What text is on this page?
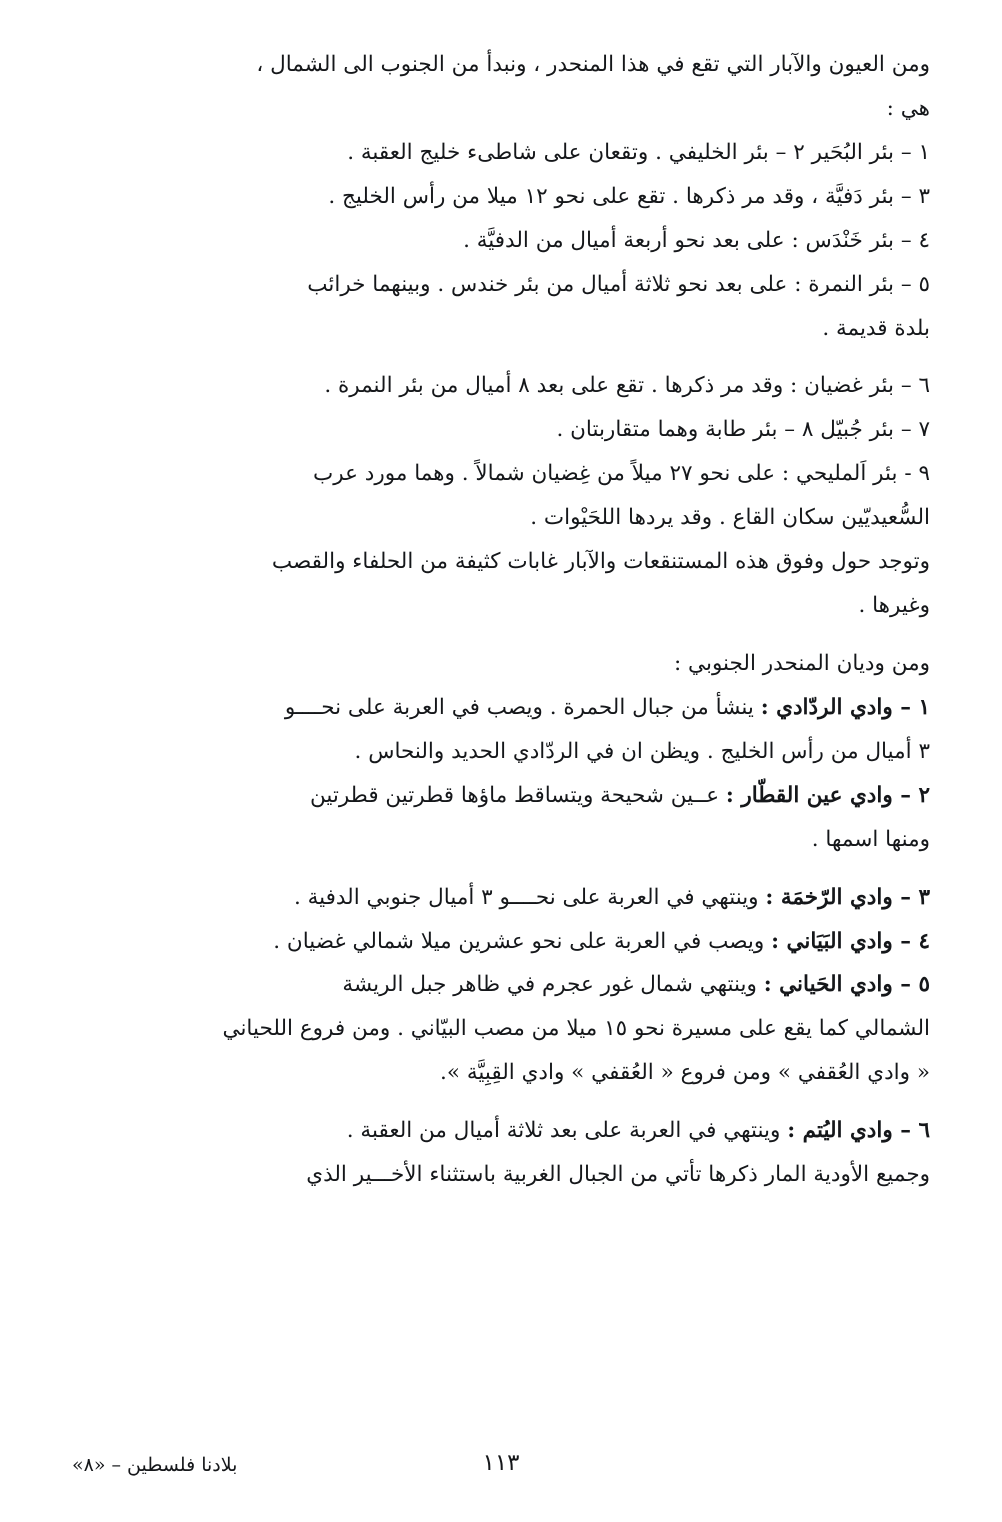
ومن العيون والآبار التي تقع في هذا المنحدر ، ونبدأ من الجنوب الى الشمال ،

هي :

١ – بئر البُحَير ٢ – بئر الخليفي . وتقعان على شاطىء خليج العقبة .

٣ – بئر دَفيَّة ، وقد مر ذكرها . تقع على نحو ١٢ ميلا من رأس الخليج .

٤ – بئر خَنْدَس : على بعد نحو أربعة أميال من الدفيَّة .

٥ – بئر النمرة : على بعد نحو ثلاثة أميال من بئر خندس . وبينهما خرائب

بلدة قديمة .

٦ – بئر غضيان : وقد مر ذكرها . تقع على بعد ٨ أميال من بئر النمرة .

٧ – بئر جُبيّل ٨ – بئر طابة وهما متقاربتان .

٩ - بئر اَلمليحي : على نحو ٢٧ ميلاً من غِضيان شمالاً . وهما مورد عرب

السُّعيديّين سكان القاع . وقد يردها اللحَيْوات .

وتوجد حول وفوق هذه المستنقعات والآبار غابات كثيفة من الحلفاء والقصب

وغيرها .

ومن وديان المنحدر الجنوبي :

١ – وادي الردّادي : ينشأ من جبال الحمرة . ويصب في العربة على نحــــو

٣ أميال من رأس الخليج . ويظن ان في الردّادي الحديد والنحاس .

٢ – وادي عين القطّار : عــين شحيحة ويتساقط ماؤها قطرتين قطرتين

ومنها اسمها .

٣ – وادي الرّخمَة : وينتهي في العربة على نحــــو ٣ أميال جنوبي الدفية .

٤ – وادي البَيَاني : ويصب في العربة على نحو عشرين ميلا شمالي غضيان .

٥ – وادي الحَياني : وينتهي شمال غور عجرم في ظاهر جبل الريشة

الشمالي كما يقع على مسيرة نحو ١٥ ميلا من مصب البيّاني . ومن فروع اللحياني

« وادي العُقفي » ومن فروع « العُقفي » وادي القِبِيَّة ».

٦ – وادي اليُتم : وينتهي في العربة على بعد ثلاثة أميال من العقبة .

وجميع الأودية المار ذكرها تأتي من الجبال الغربية باستثناء الأخـــير الذي

بلادنا فلسطين – «٨»	١١٣
